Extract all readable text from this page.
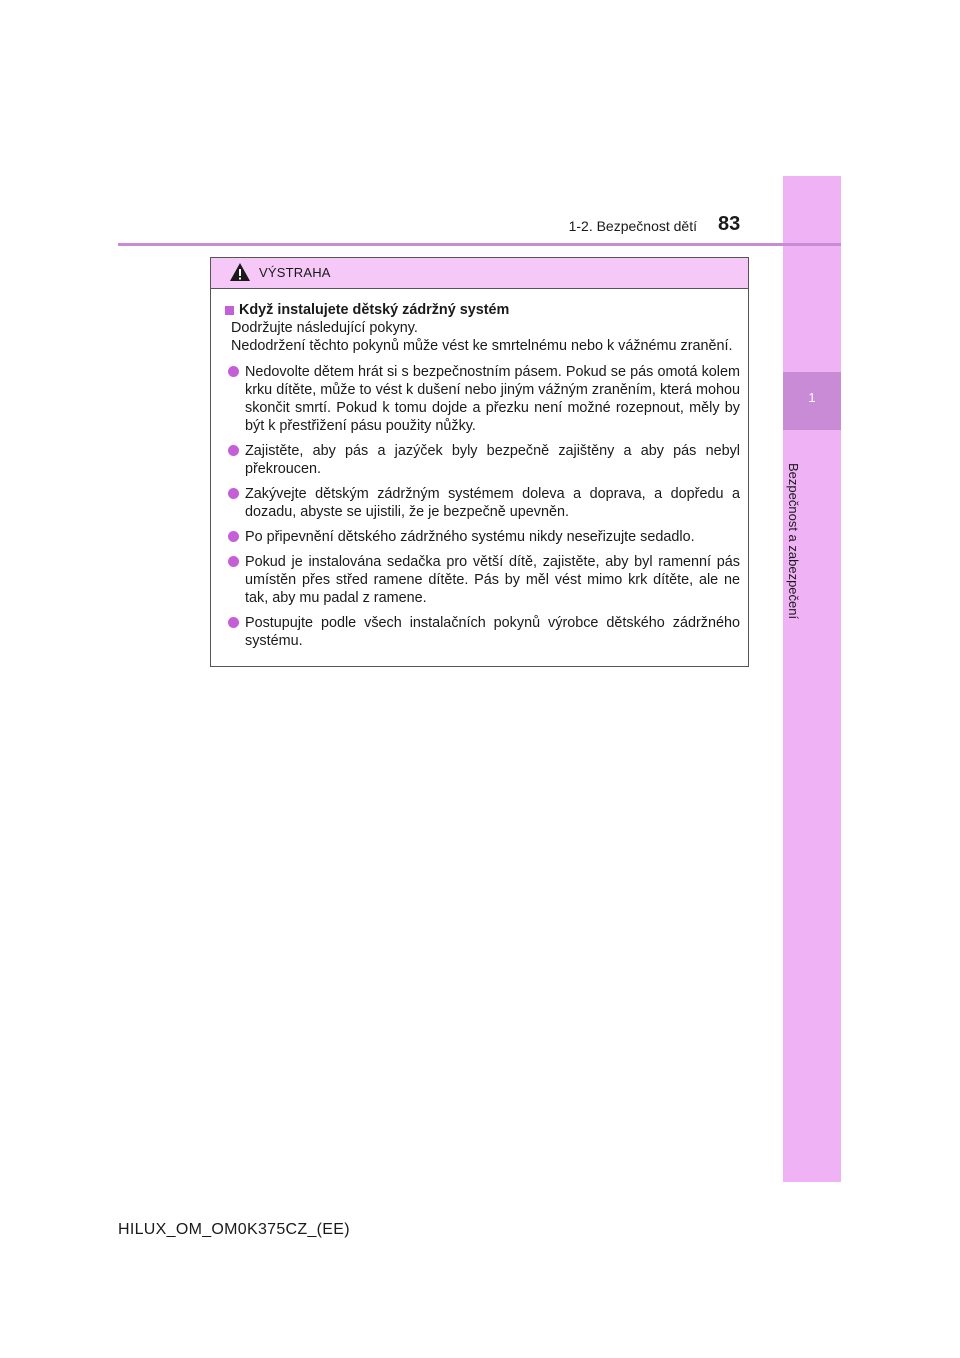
1
Bezpečnost a zabezpečení
1-2. Bezpečnost dětí 83
VÝSTRAHA
Když instalujete dětský zádržný systém
Dodržujte následující pokyny.
Nedodržení těchto pokynů může vést ke smrtelnému nebo k vážnému zranění.
Nedovolte dětem hrát si s bezpečnostním pásem. Pokud se pás omotá kolem krku dítěte, může to vést k dušení nebo jiným vážným zraněním, která mohou skončit smrtí. Pokud k tomu dojde a přezku není možné rozepnout, měly by být k přestřižení pásu použity nůžky.
Zajistěte, aby pás a jazýček byly bezpečně zajištěny a aby pás nebyl překroucen.
Zakývejte dětským zádržným systémem doleva a doprava, a dopředu a dozadu, abyste se ujistili, že je bezpečně upevněn.
Po připevnění dětského zádržného systému nikdy neseřizujte sedadlo.
Pokud je instalována sedačka pro větší dítě, zajistěte, aby byl ramenní pás umístěn přes střed ramene dítěte. Pás by měl vést mimo krk dítěte, ale ne tak, aby mu padal z ramene.
Postupujte podle všech instalačních pokynů výrobce dětského zádržného systému.
HILUX_OM_OM0K375CZ_(EE)
